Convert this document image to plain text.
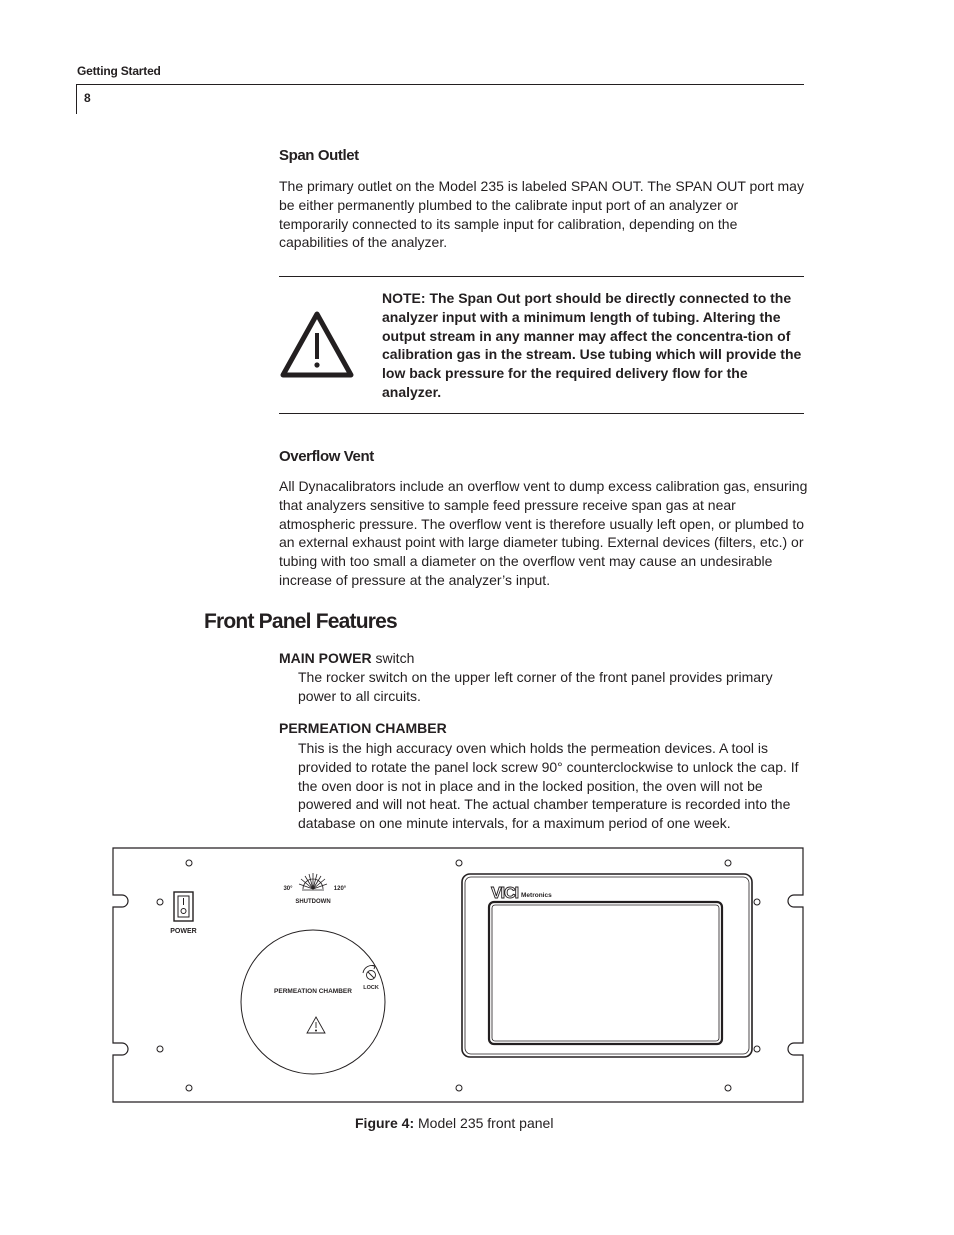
Getting Started
8
Span Outlet

The primary outlet on the Model 235 is labeled SPAN OUT. The SPAN OUT port may be either permanently plumbed to the calibrate input port of an analyzer or temporarily connected to its sample input for calibration, depending on the capabilities of the analyzer.

NOTE: The Span Out port should be directly connected to the analyzer input with a minimum length of tubing. Altering the output stream in any manner may affect the concentra-tion of calibration gas in the stream. Use tubing which will provide the low back pressure for the required delivery flow for the analyzer.

Overflow Vent

All Dynacalibrators include an overflow vent to dump excess calibration gas, ensuring that analyzers sensitive to sample feed pressure receive span gas at near atmospheric pressure. The overflow vent is therefore usually left open, or plumbed to an external exhaust point with large diameter tubing. External devices (filters, etc.) or tubing with too small a diameter on the overflow vent may cause an undesirable increase of pressure at the analyzer’s input.

Front Panel Features
MAIN POWER switch

The rocker switch on the upper left corner of the front panel provides primary power to all circuits.

PERMEATION CHAMBER

This is the high accuracy oven which holds the permeation devices. A tool is provided to rotate the panel lock screw 90° counterclockwise to unlock the cap. If the oven door is not in place and in the locked position, the oven will not be powered and will not heat. The actual chamber temperature is recorded into the database on one minute intervals, for a maximum period of one week.

POWER
30°	120°
SHUTDOWN
PERMEATION CHAMBER LOCK
VICI Metronics
Figure 4: Model 235 front panel
